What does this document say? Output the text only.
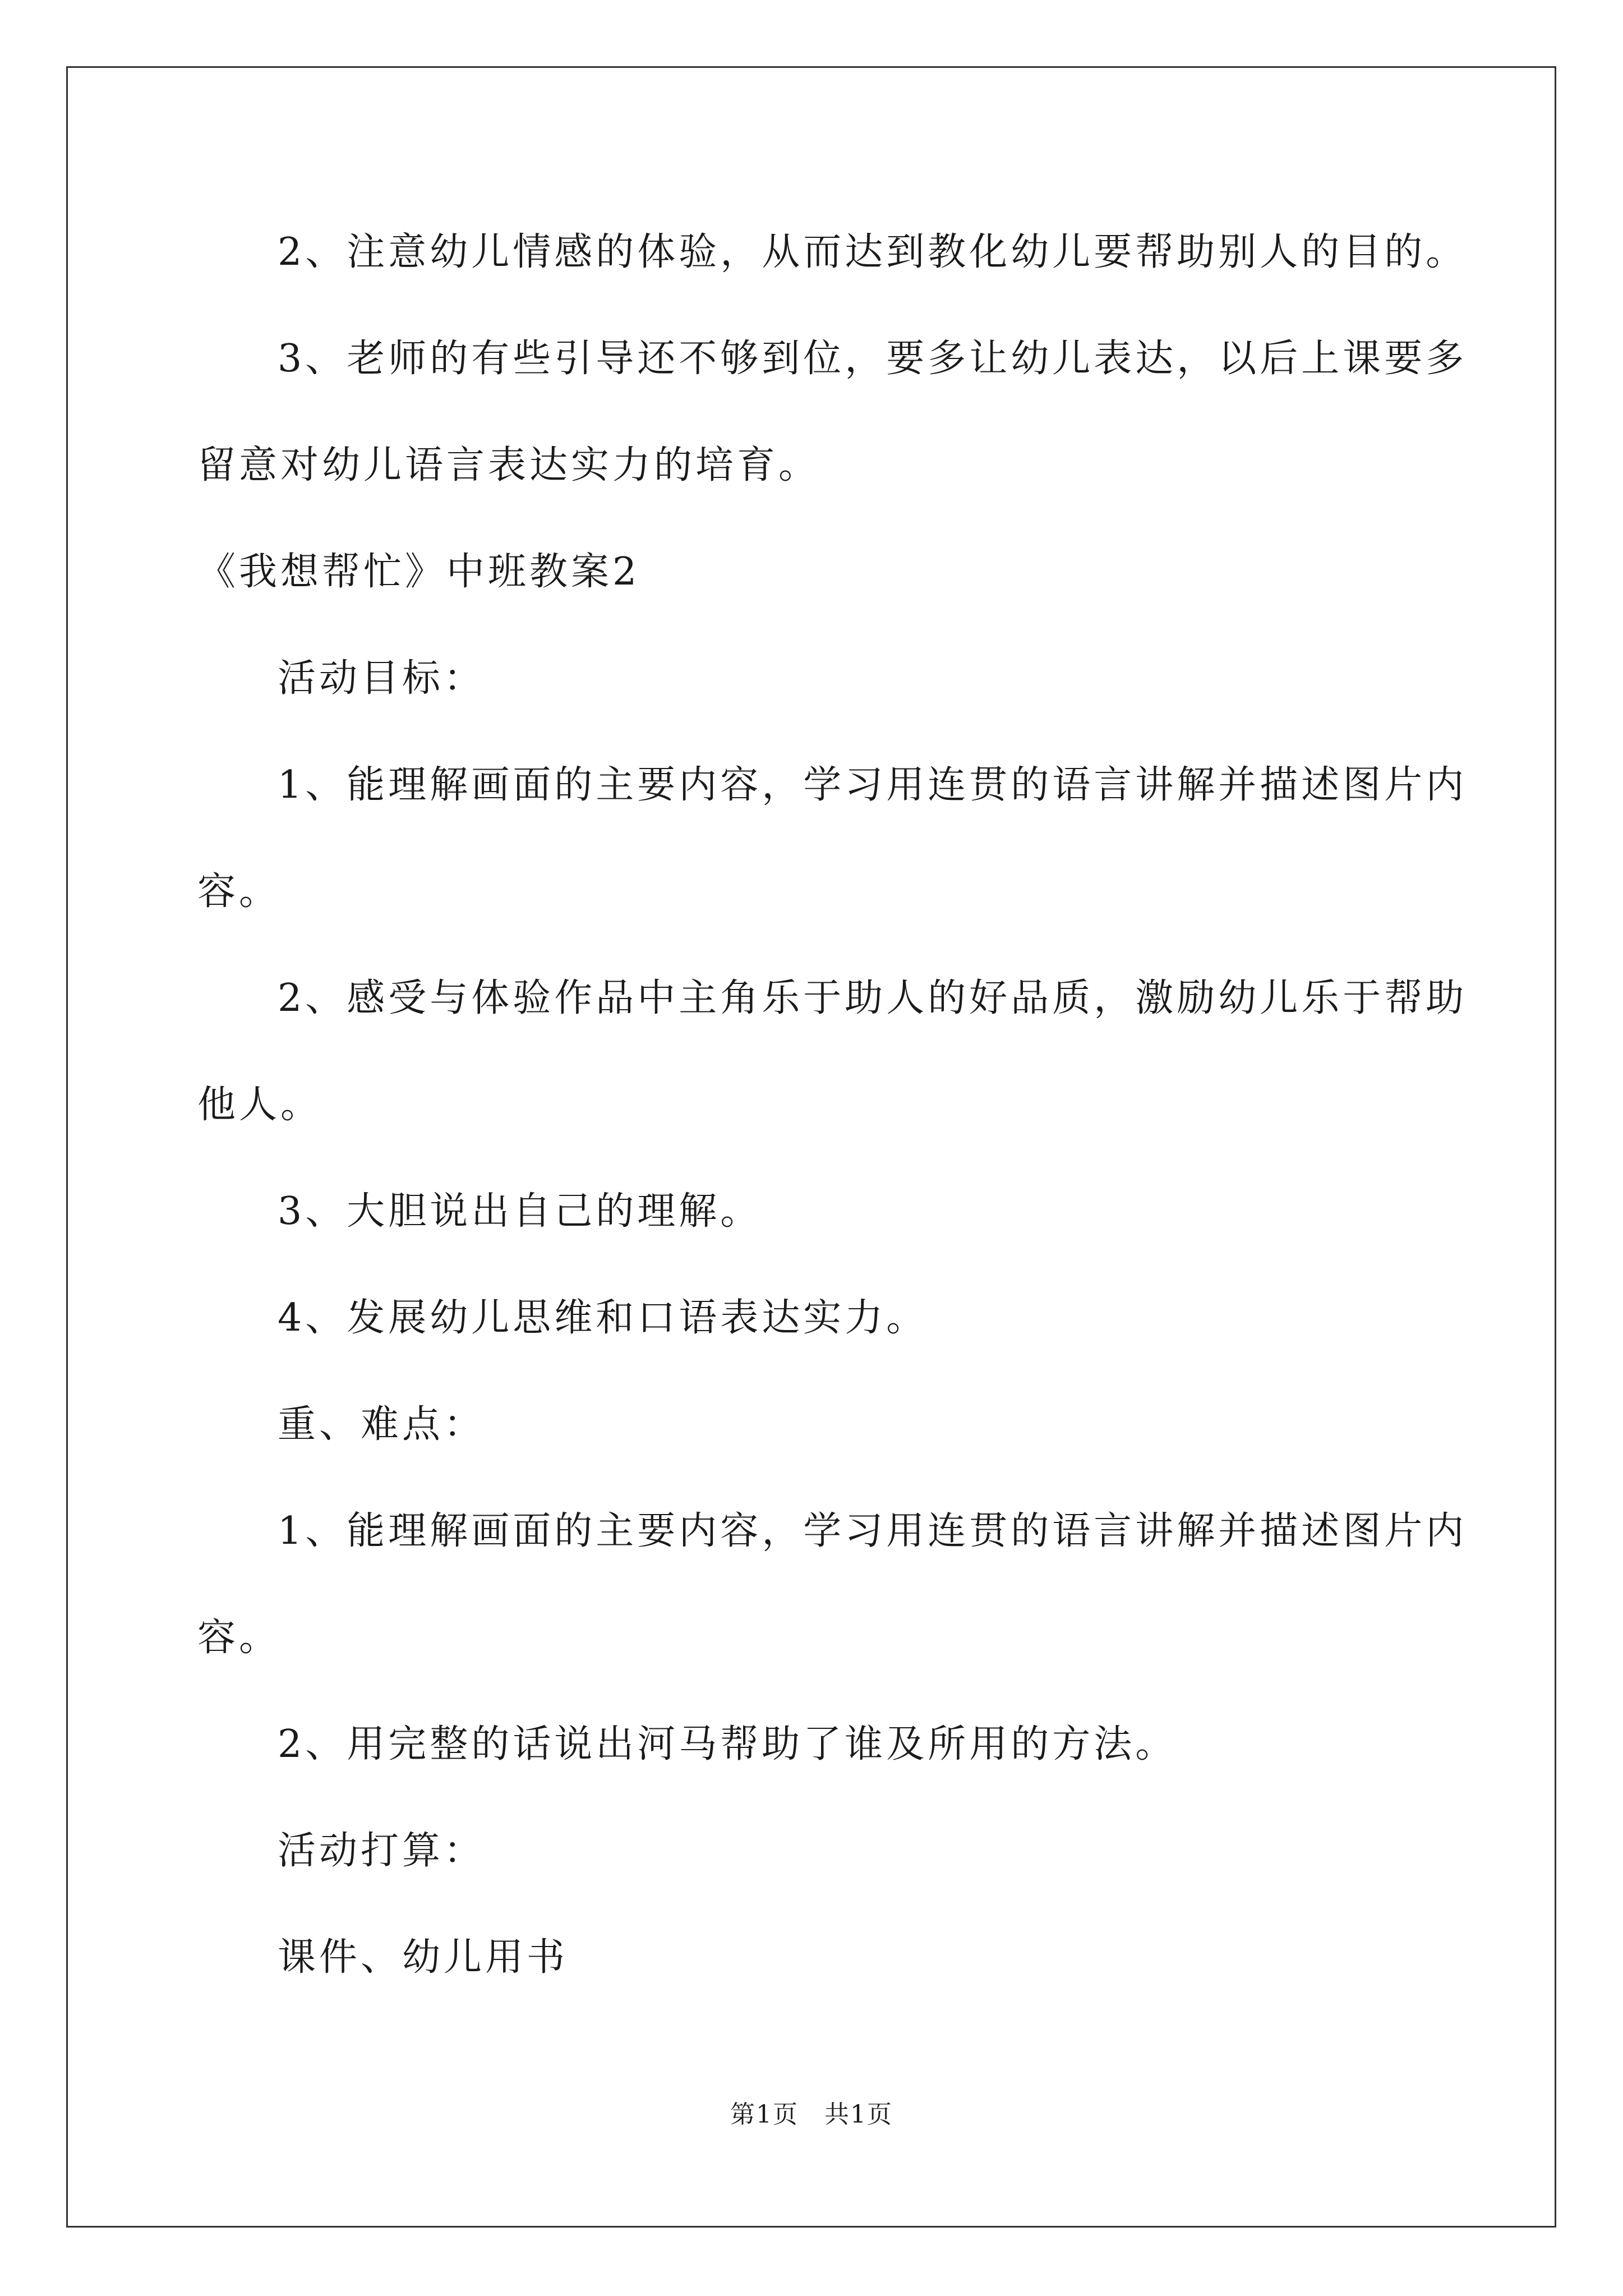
2、注意幼儿情感的体验，从而达到教化幼儿要帮助别人的目的。
3、老师的有些引导还不够到位，要多让幼儿表达，以后上课要多
留意对幼儿语言表达实力的培育。
《我想帮忙》中班教案2
活动目标：
1、能理解画面的主要内容，学习用连贯的语言讲解并描述图片内
容。
2、感受与体验作品中主角乐于助人的好品质，激励幼儿乐于帮助
他人。
3、大胆说出自己的理解。
4、发展幼儿思维和口语表达实力。
重、难点：
1、能理解画面的主要内容，学习用连贯的语言讲解并描述图片内
容。
2、用完整的话说出河马帮助了谁及所用的方法。
活动打算：
课件、幼儿用书
第1页　共1页
